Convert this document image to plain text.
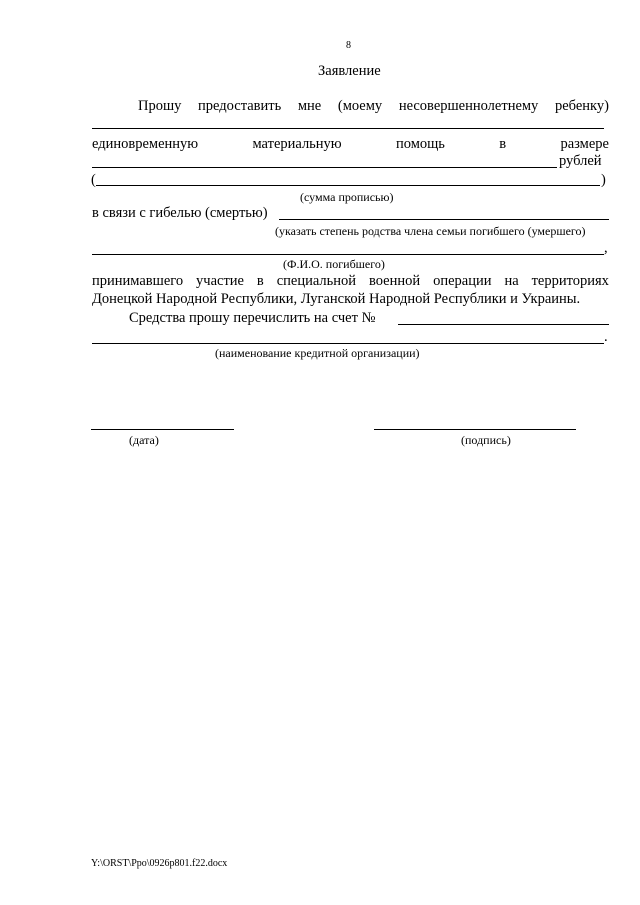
8
Заявление
Прошу предоставить мне (моему несовершеннолетнему ребенку)
единовременную	материальную	помощь	в	размере
рублей
(	)
(сумма прописью)
в связи с гибелью (смертью)
(указать степень родства члена семьи погибшего (умершего)
,
(Ф.И.О. погибшего)
принимавшего участие в специальной военной операции на территориях
Донецкой Народной Республики, Луганской Народной Республики и Украины.
Средства прошу перечислить на счет №
.
(наименование кредитной организации)
(дата)	(подпись)
Y:\ORST\Ppo\0926p801.f22.docx
